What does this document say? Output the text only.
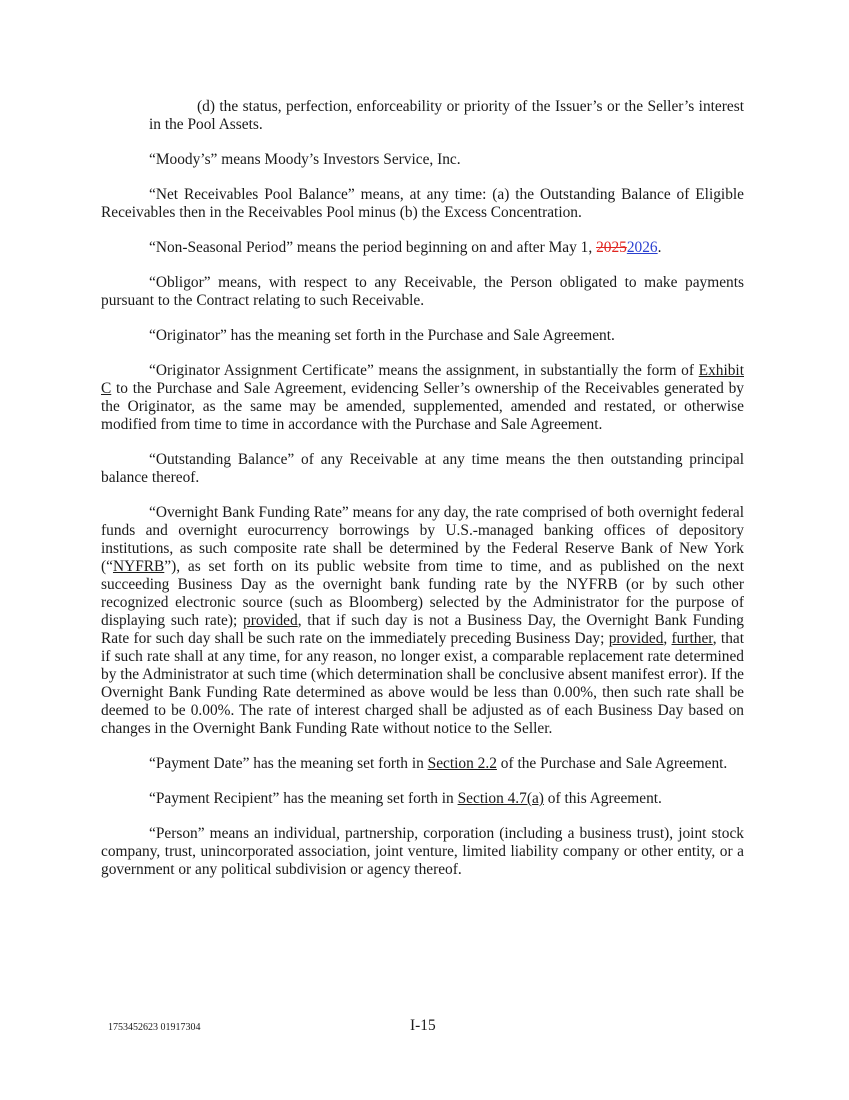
(d) the status, perfection, enforceability or priority of the Issuer’s or the Seller’s interest in the Pool Assets.

“Moody’s” means Moody’s Investors Service, Inc.

“Net Receivables Pool Balance” means, at any time: (a) the Outstanding Balance of Eligible Receivables then in the Receivables Pool minus (b) the Excess Concentration.

“Non-Seasonal Period” means the period beginning on and after May 1, 20252026.

“Obligor” means, with respect to any Receivable, the Person obligated to make payments pursuant to the Contract relating to such Receivable.

“Originator” has the meaning set forth in the Purchase and Sale Agreement.

“Originator Assignment Certificate” means the assignment, in substantially the form of Exhibit C to the Purchase and Sale Agreement, evidencing Seller’s ownership of the Receivables generated by the Originator, as the same may be amended, supplemented, amended and restated, or otherwise modified from time to time in accordance with the Purchase and Sale Agreement.

“Outstanding Balance” of any Receivable at any time means the then outstanding principal balance thereof.

“Overnight Bank Funding Rate” means for any day, the rate comprised of both overnight federal funds and overnight eurocurrency borrowings by U.S.-managed banking offices of depository institutions, as such composite rate shall be determined by the Federal Reserve Bank of New York (“NYFRB”), as set forth on its public website from time to time, and as published on the next succeeding Business Day as the overnight bank funding rate by the NYFRB (or by such other recognized electronic source (such as Bloomberg) selected by the Administrator for the purpose of displaying such rate); provided, that if such day is not a Business Day, the Overnight Bank Funding Rate for such day shall be such rate on the immediately preceding Business Day; provided, further, that if such rate shall at any time, for any reason, no longer exist, a comparable replacement rate determined by the Administrator at such time (which determination shall be conclusive absent manifest error). If the Overnight Bank Funding Rate determined as above would be less than 0.00%, then such rate shall be deemed to be 0.00%. The rate of interest charged shall be adjusted as of each Business Day based on changes in the Overnight Bank Funding Rate without notice to the Seller.

“Payment Date” has the meaning set forth in Section 2.2 of the Purchase and Sale Agreement.

“Payment Recipient” has the meaning set forth in Section 4.7(a) of this Agreement.

“Person” means an individual, partnership, corporation (including a business trust), joint stock company, trust, unincorporated association, joint venture, limited liability company or other entity, or a government or any political subdivision or agency thereof.

1753452623 01917304	I-15
